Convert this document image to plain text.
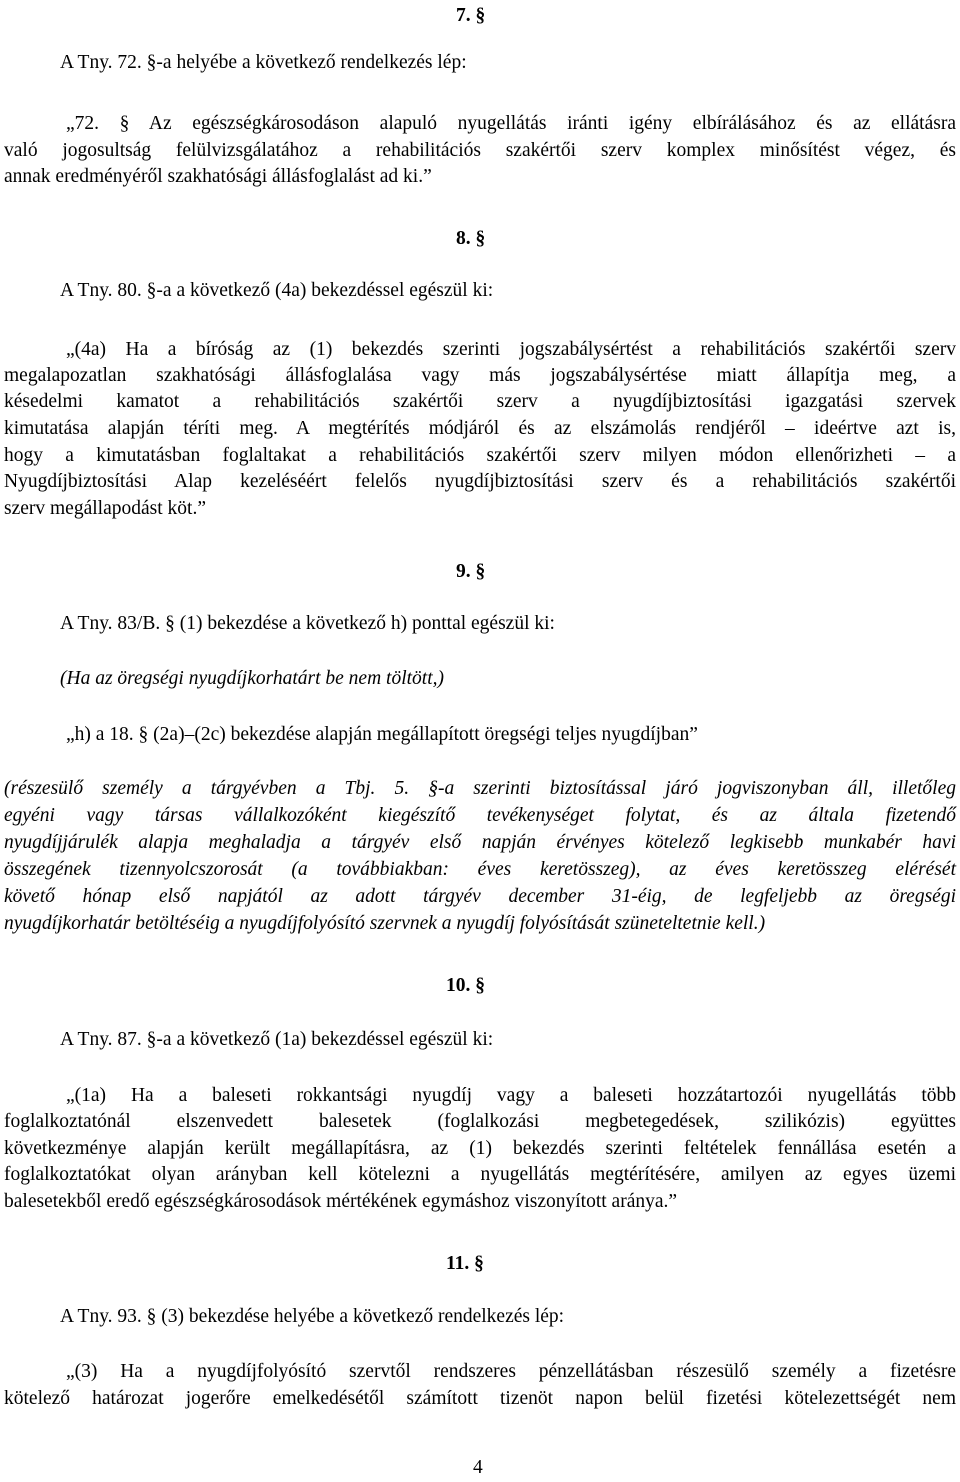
7. §
A Tny. 72. §-a helyébe a következő rendelkezés lép:
„72. § Az egészségkárosodáson alapuló nyugellátás iránti igény elbírálásához és az ellátásra
való jogosultság felülvizsgálatához a rehabilitációs szakértői szerv komplex minősítést végez, és
annak eredményéről szakhatósági állásfoglalást ad ki.”
8. §
A Tny. 80. §-a a következő (4a) bekezdéssel egészül ki:
„(4a) Ha a bíróság az (1) bekezdés szerinti jogszabálysértést a rehabilitációs szakértői szerv
megalapozatlan szakhatósági állásfoglalása vagy más jogszabálysértése miatt állapítja meg, a
késedelmi kamatot a rehabilitációs szakértői szerv a nyugdíjbiztosítási igazgatási szervek
kimutatása alapján téríti meg. A megtérítés módjáról és az elszámolás rendjéről – ideértve azt is,
hogy a kimutatásban foglaltakat a rehabilitációs szakértői szerv milyen módon ellenőrizheti – a
Nyugdíjbiztosítási Alap kezeléséért felelős nyugdíjbiztosítási szerv és a rehabilitációs szakértői
szerv megállapodást köt.”
9. §
A Tny. 83/B. § (1) bekezdése a következő h) ponttal egészül ki:
(Ha az öregségi nyugdíjkorhatárt be nem töltött,)
„h) a 18. § (2a)–(2c) bekezdése alapján megállapított öregségi teljes nyugdíjban”
(részesülő személy a tárgyévben a Tbj. 5. §-a szerinti biztosítással járó jogviszonyban áll, illetőleg
egyéni vagy társas vállalkozóként kiegészítő tevékenységet folytat, és az általa fizetendő
nyugdíjjárulék alapja meghaladja a tárgyév első napján érvényes kötelező legkisebb munkabér havi
összegének tizennyolcszorosát (a továbbiakban: éves keretösszeg), az éves keretösszeg elérését
követő hónap első napjától az adott tárgyév december 31-éig, de legfeljebb az öregségi
nyugdíjkorhatár betöltéséig a nyugdíjfolyósító szervnek a nyugdíj folyósítását szüneteltetnie kell.)
10. §
A Tny. 87. §-a a következő (1a) bekezdéssel egészül ki:
„(1a) Ha a baleseti rokkantsági nyugdíj vagy a baleseti hozzátartozói nyugellátás több
foglalkoztatónál elszenvedett balesetek (foglalkozási megbetegedések, szilikózis) együttes
következménye alapján került megállapításra, az (1) bekezdés szerinti feltételek fennállása esetén a
foglalkoztatókat olyan arányban kell kötelezni a nyugellátás megtérítésére, amilyen az egyes üzemi
balesetekből eredő egészségkárosodások mértékének egymáshoz viszonyított aránya.”
11. §
A Tny. 93. § (3) bekezdése helyébe a következő rendelkezés lép:
„(3) Ha a nyugdíjfolyósító szervtől rendszeres pénzellátásban részesülő személy a fizetésre
kötelező határozat jogerőre emelkedésétől számított tizenöt napon belül fizetési kötelezettségét nem
4
